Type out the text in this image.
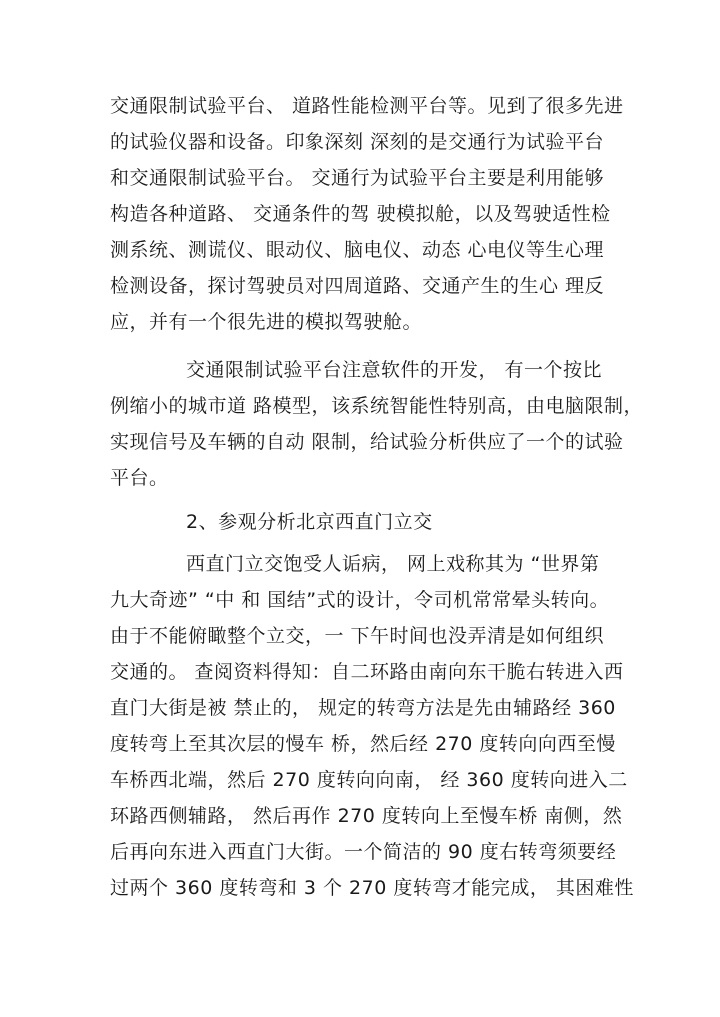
交通限制试验平台、 道路性能检测平台等。见到了很多先进
的试验仪器和设备。印象深刻 深刻的是交通行为试验平台
和交通限制试验平台。 交通行为试验平台主要是利用能够
构造各种道路、 交通条件的驾 驶模拟舱，以及驾驶适性检
测系统、测谎仪、眼动仪、脑电仪、动态 心电仪等生心理
检测设备，探讨驾驶员对四周道路、交通产生的生心 理反
应，并有一个很先进的模拟驾驶舱。
交通限制试验平台注意软件的开发， 有一个按比
例缩小的城市道 路模型，该系统智能性特别高，由电脑限制，
实现信号及车辆的自动 限制，给试验分析供应了一个的试验
平台。
2、参观分析北京西直门立交
西直门立交饱受人诟病， 网上戏称其为 “世界第
九大奇迹” “中 和 国结”式的设计，令司机常常晕头转向。
由于不能俯瞰整个立交，一 下午时间也没弄清是如何组织
交通的。 查阅资料得知：自二环路由南向东干脆右转进入西
直门大街是被 禁止的， 规定的转弯方法是先由辅路经 360
度转弯上至其次层的慢车 桥，然后经 270 度转向向西至慢
车桥西北端，然后 270 度转向向南， 经 360 度转向进入二
环路西侧辅路， 然后再作 270 度转向上至慢车桥 南侧，然
后再向东进入西直门大街。一个简洁的 90 度右转弯须要经
过两个 360 度转弯和 3 个 270 度转弯才能完成， 其困难性
